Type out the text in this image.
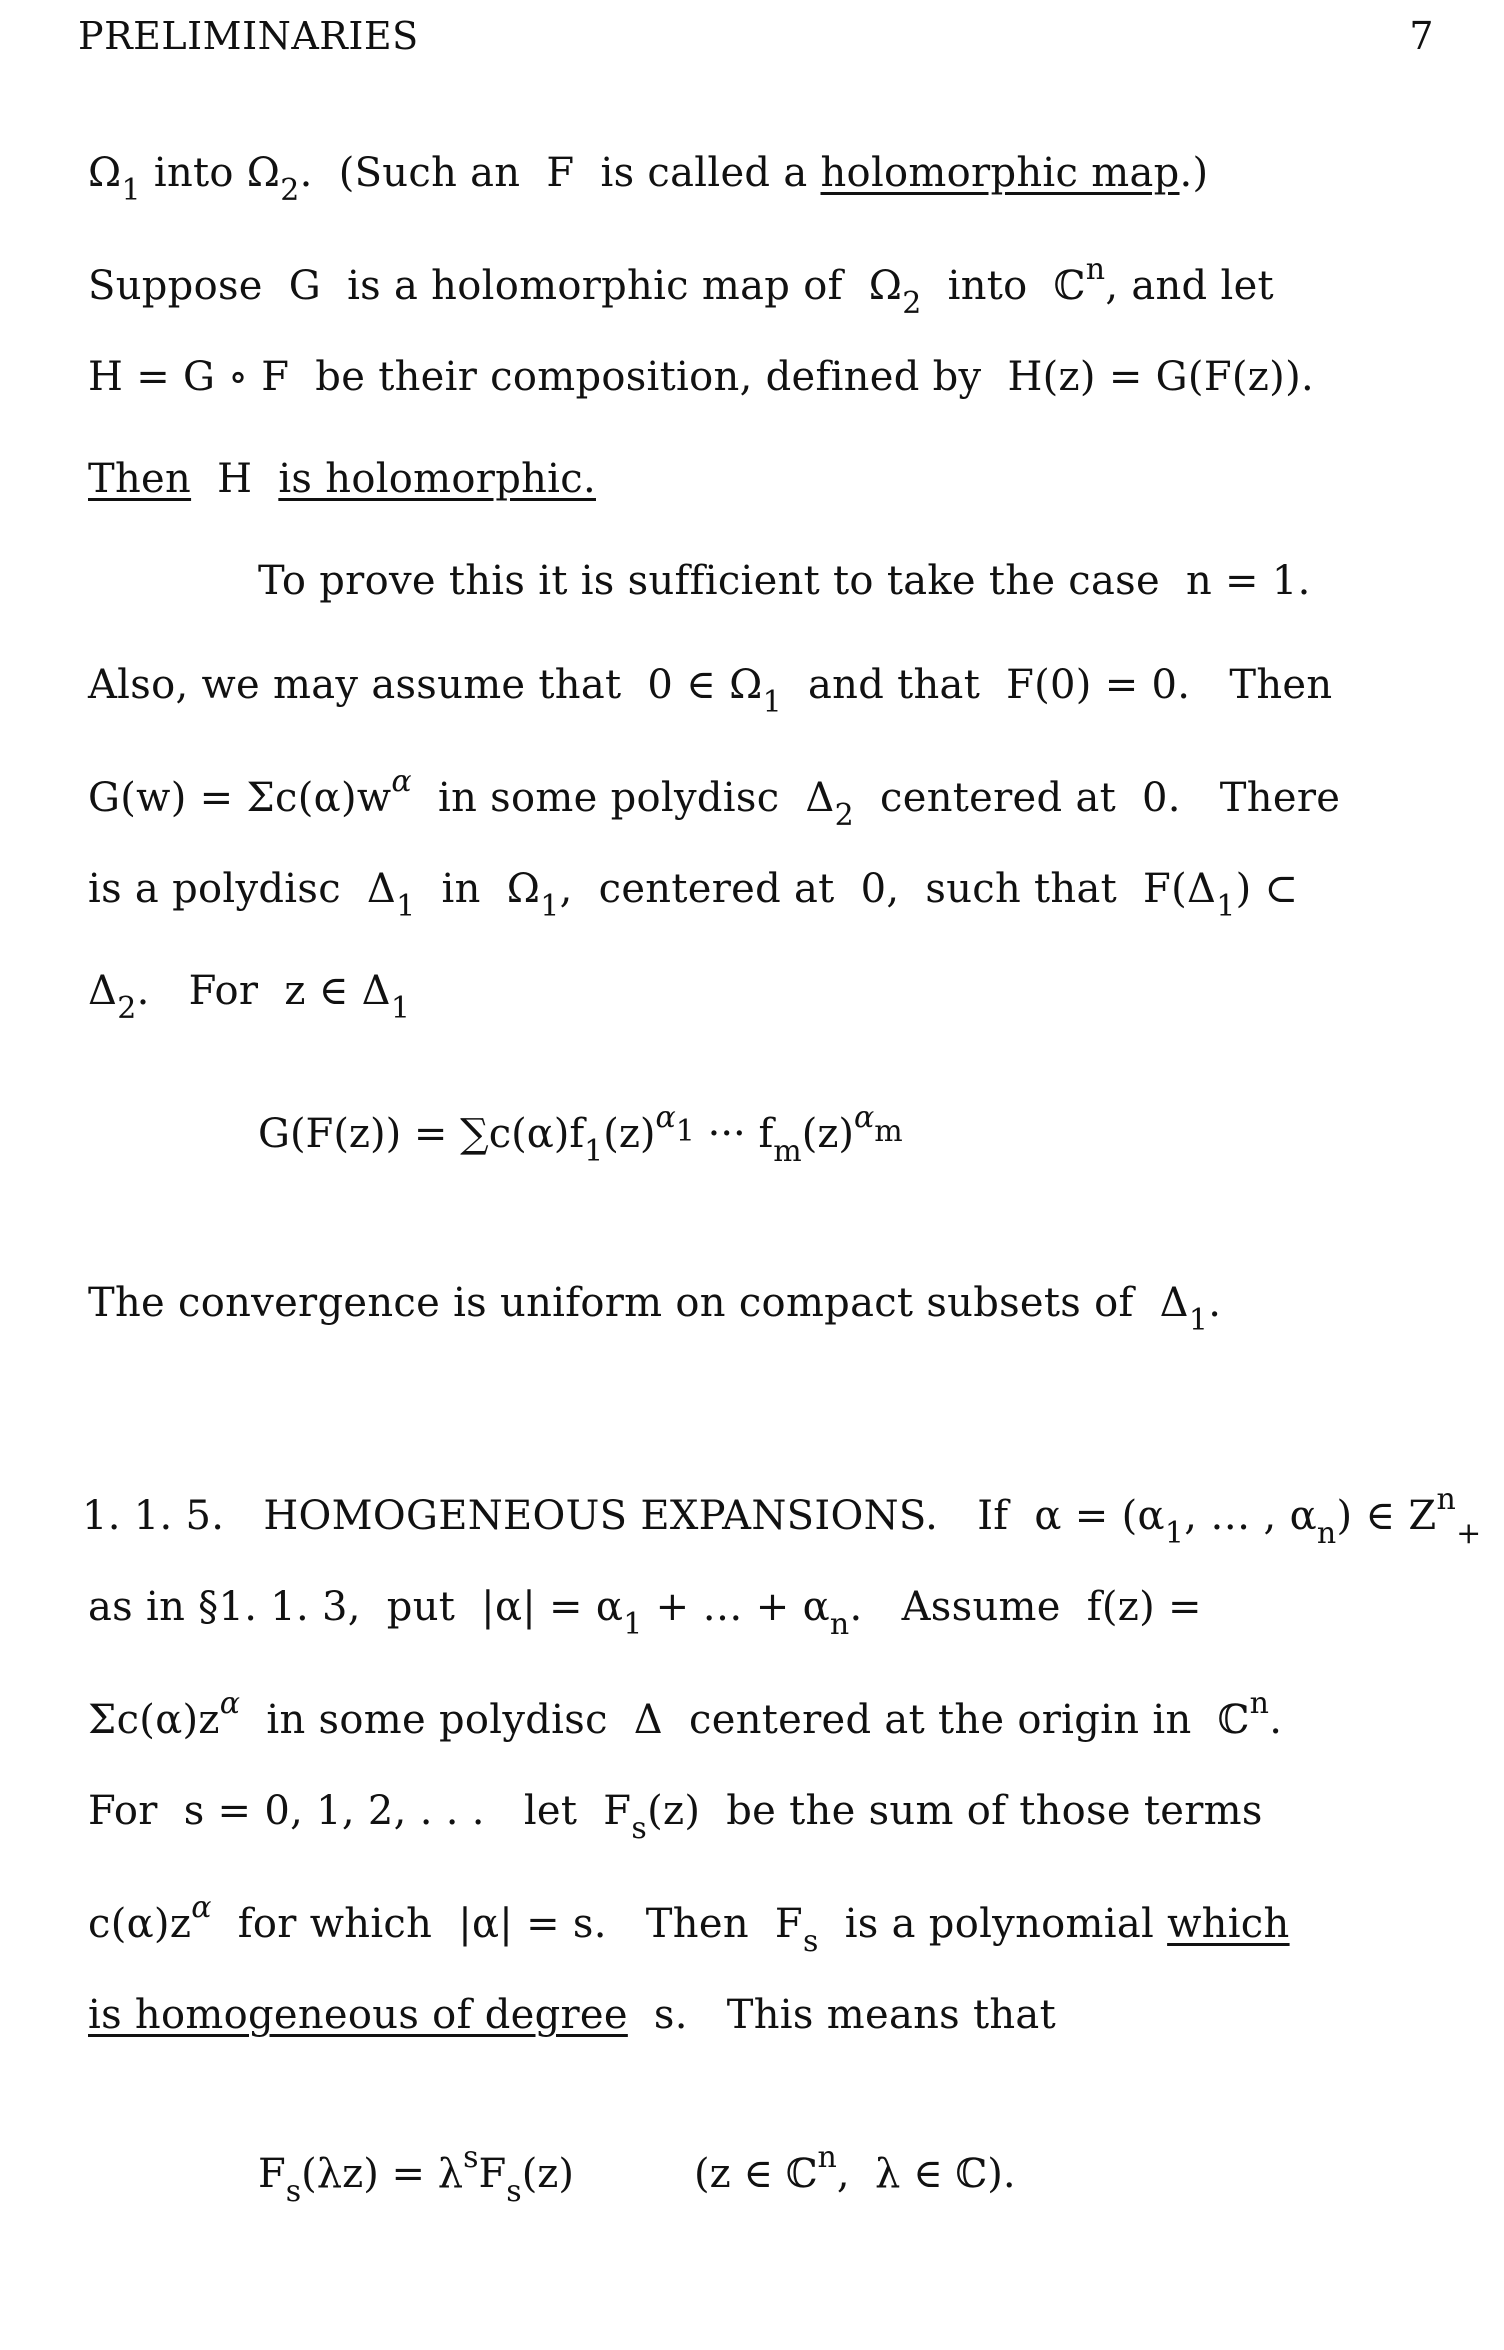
PRELIMINARIES	7
$\Omega_1$ into $\Omega_2$.  (Such an  F  is called a holomorphic map.)
Suppose  G  is a holomorphic map of  $\Omega_2$  into  ℂ$^n$, and let
H = G ∘ F  be their composition, defined by  H(z) = G(F(z)).
Then  H  is holomorphic.
To prove this it is sufficient to take the case  n = 1.
Also, we may assume that  0 ∈ $\Omega_1$  and that  F(0) = 0.   Then
$G(w) = \Sigma c(\alpha)w^\alpha$  in some polydisc  $\Delta_2$  centered at  0.   There
is a polydisc  $\Delta_1$  in  $\Omega_1$,  centered at  0,  such that  $F(\Delta_1)$ ⊂
$\Delta_2$.   For  z ∈ $\Delta_1$
$G(F(z)) = \sum c(\alpha)f_1(z)^{\alpha_1}$ ··· $f_m(z)^{\alpha_m}$
The convergence is uniform on compact subsets of  $\Delta_1$.
1. 1. 5.   HOMOGENEOUS EXPANSIONS.   If  $\alpha = (\alpha_1$, … , $\alpha_n$) ∈ $Z^n_+$
as in §1. 1. 3,  put  $|\alpha| = \alpha_1$ + … + $\alpha_n$.   Assume  f(z) =
$\Sigma c(\alpha)z^\alpha$  in some polydisc  Δ  centered at the origin in  ℂ$^n$.
For  s = 0, 1, 2, . . .   let  $F_s(z)$  be the sum of those terms
$c(\alpha)z^\alpha$  for which  |α| = s.   Then  $F_s$  is a polynomial which
is homogeneous of degree  s.   This means that
$F_s(\lambda z) = \lambda^sF_s(z)$	(z ∈ ℂ$^n$,  λ ∈ ℂ).
